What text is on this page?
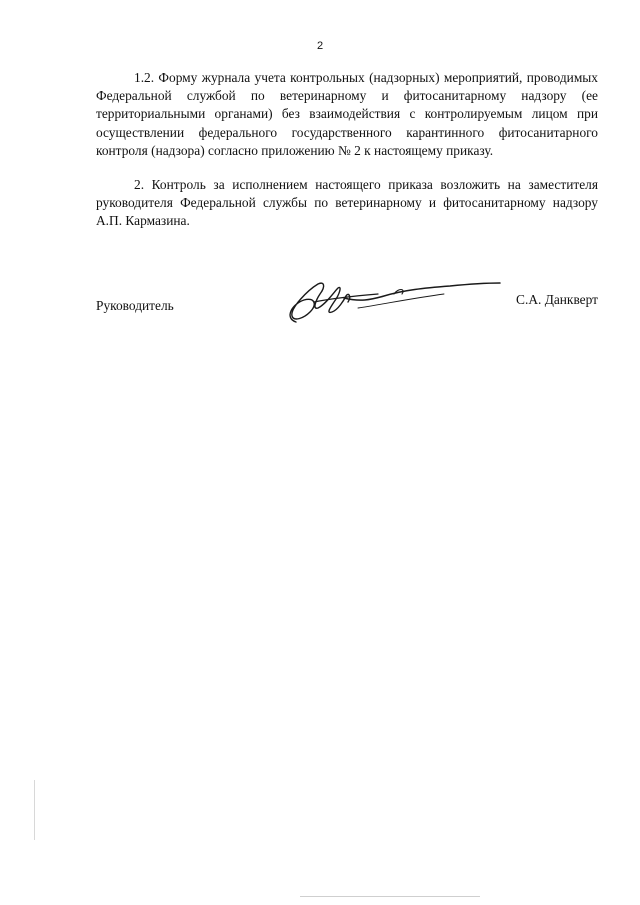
2

1.2. Форму журнала учета контрольных (надзорных) мероприятий, проводимых Федеральной службой по ветеринарному и фитосанитарному надзору (ее территориальными органами) без взаимодействия с контролируемым лицом при осуществлении федерального государственного карантинного фитосанитарного контроля (надзора) согласно приложению № 2 к настоящему приказу.

2. Контроль за исполнением настоящего приказа возложить на заместителя руководителя Федеральной службы по ветеринарному и фитосанитарному надзору А.П. Кармазина.

Руководитель	С.А. Данкверт
